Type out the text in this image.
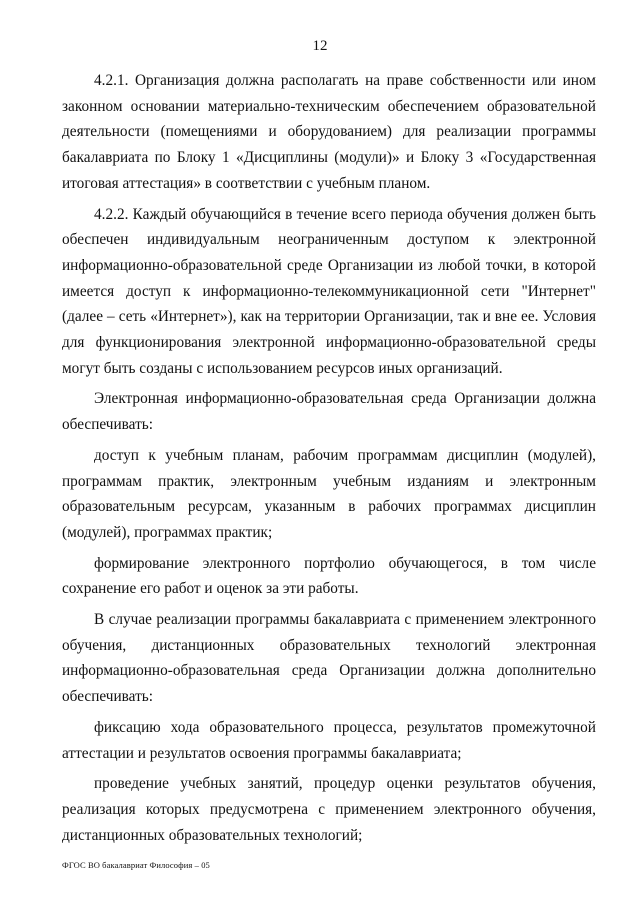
12

4.2.1. Организация должна располагать на праве собственности или ином законном основании материально-техническим обеспечением образовательной деятельности (помещениями и оборудованием) для реализации программы бакалавриата по Блоку 1 «Дисциплины (модули)» и Блоку 3 «Государственная итоговая аттестация» в соответствии с учебным планом.

4.2.2. Каждый обучающийся в течение всего периода обучения должен быть обеспечен индивидуальным неограниченным доступом к электронной информационно-образовательной среде Организации из любой точки, в которой имеется доступ к информационно-телекоммуникационной сети "Интернет" (далее – сеть «Интернет»), как на территории Организации, так и вне ее. Условия для функционирования электронной информационно-образовательной среды могут быть созданы с использованием ресурсов иных организаций.

Электронная информационно-образовательная среда Организации должна обеспечивать:

доступ к учебным планам, рабочим программам дисциплин (модулей), программам практик, электронным учебным изданиям и электронным образовательным ресурсам, указанным в рабочих программах дисциплин (модулей), программах практик;

формирование электронного портфолио обучающегося, в том числе сохранение его работ и оценок за эти работы.

В случае реализации программы бакалавриата с применением электронного обучения, дистанционных образовательных технологий электронная информационно-образовательная среда Организации должна дополнительно обеспечивать:

фиксацию хода образовательного процесса, результатов промежуточной аттестации и результатов освоения программы бакалавриата;

проведение учебных занятий, процедур оценки результатов обучения, реализация которых предусмотрена с применением электронного обучения, дистанционных образовательных технологий;

ФГОС ВО бакалавриат Философия – 05
